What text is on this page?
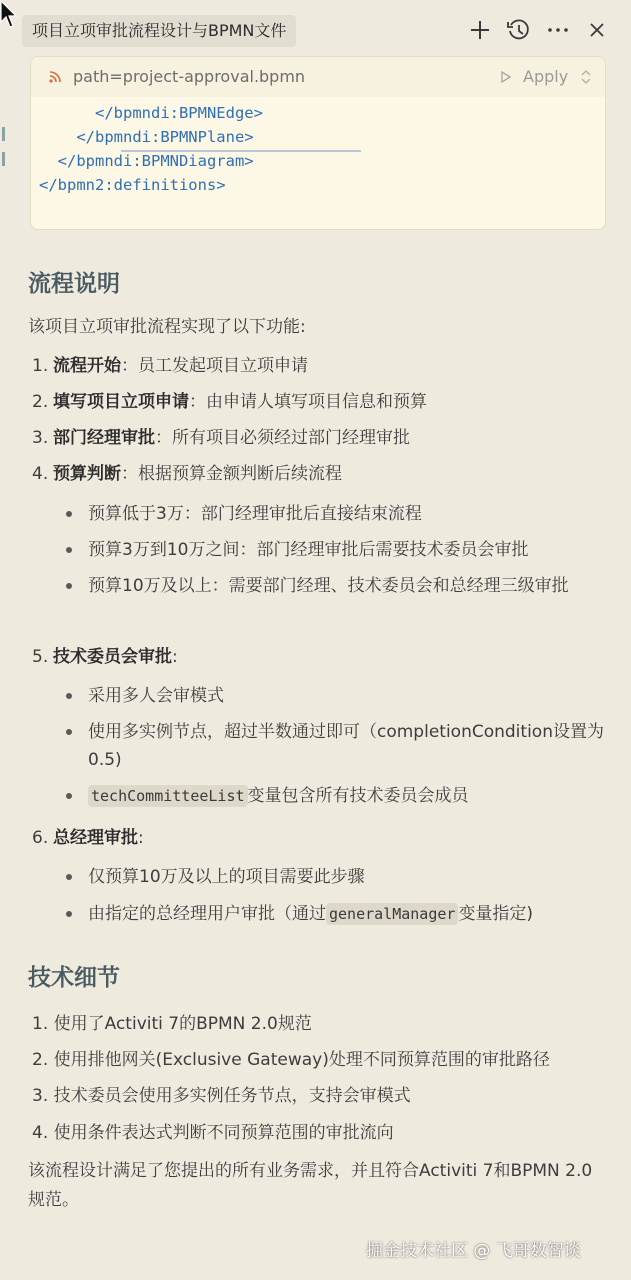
项目立项审批流程设计与BPMN文件
path=project-approval.bpmn	Apply
</bpmndi:BPMNEdge>
</bpmndi:BPMNPlane>
</bpmndi:BPMNDiagram>
</bpmn2:definitions>
流程说明
该项目立项审批流程实现了以下功能:
1. 流程开始：员工发起项目立项申请
2. 填写项目立项申请：由申请人填写项目信息和预算
3. 部门经理审批：所有项目必须经过部门经理审批
4. 预算判断：根据预算金额判断后续流程
预算低于3万：部门经理审批后直接结束流程
预算3万到10万之间：部门经理审批后需要技术委员会审批
预算10万及以上：需要部门经理、技术委员会和总经理三级审批
5. 技术委员会审批:
采用多人会审模式
使用多实例节点，超过半数通过即可（completionCondition设置为0.5)
techCommitteeList 变量包含所有技术委员会成员
6. 总经理审批:
仅预算10万及以上的项目需要此步骤
由指定的总经理用户审批（通过 generalManager 变量指定)
技术细节
1. 使用了Activiti 7的BPMN 2.0规范
2. 使用排他网关(Exclusive Gateway)处理不同预算范围的审批路径
3. 技术委员会使用多实例任务节点，支持会审模式
4. 使用条件表达式判断不同预算范围的审批流向
该流程设计满足了您提出的所有业务需求，并且符合Activiti 7和BPMN 2.0规范。
掘金技术社区 @ 飞哥数智谈
